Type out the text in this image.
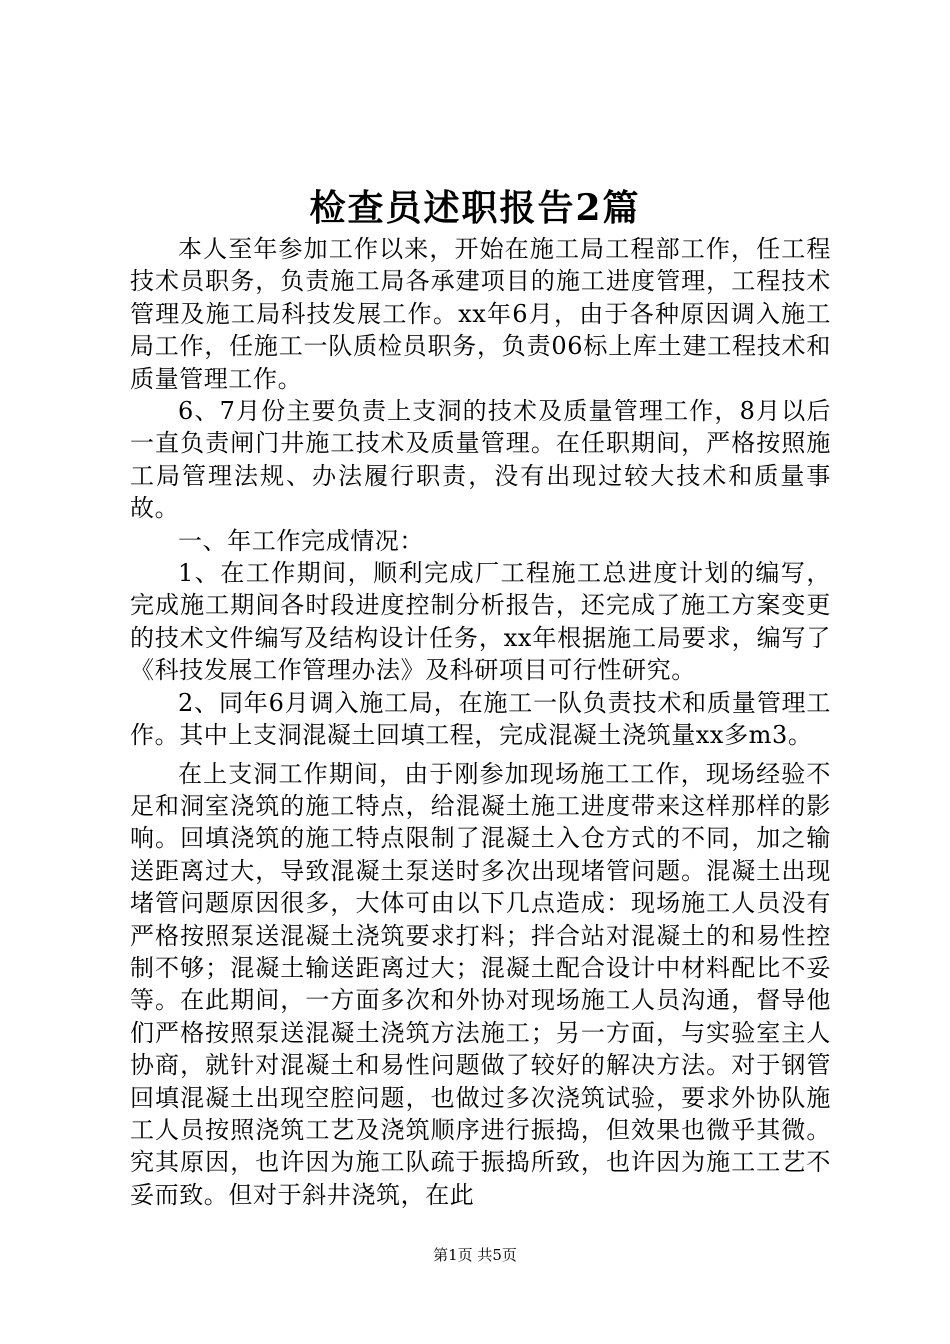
检查员述职报告2篇

本人至年参加工作以来，开始在施工局工程部工作，任工程技术员职务，负责施工局各承建项目的施工进度管理，工程技术管理及施工局科技发展工作。xx年6月，由于各种原因调入施工局工作，任施工一队质检员职务，负责06标上库土建工程技术和质量管理工作。

6、7月份主要负责上支洞的技术及质量管理工作，8月以后一直负责闸门井施工技术及质量管理。在任职期间，严格按照施工局管理法规、办法履行职责，没有出现过较大技术和质量事故。

一、年工作完成情况：

1、在工作期间，顺利完成厂工程施工总进度计划的编写，完成施工期间各时段进度控制分析报告，还完成了施工方案变更的技术文件编写及结构设计任务，xx年根据施工局要求，编写了《科技发展工作管理办法》及科研项目可行性研究。

2、同年6月调入施工局，在施工一队负责技术和质量管理工作。其中上支洞混凝土回填工程，完成混凝土浇筑量xx多m3。

在上支洞工作期间，由于刚参加现场施工工作，现场经验不足和洞室浇筑的施工特点，给混凝土施工进度带来这样那样的影响。回填浇筑的施工特点限制了混凝土入仓方式的不同，加之输送距离过大，导致混凝土泵送时多次出现堵管问题。混凝土出现堵管问题原因很多，大体可由以下几点造成：现场施工人员没有严格按照泵送混凝土浇筑要求打料；拌合站对混凝土的和易性控制不够；混凝土输送距离过大；混凝土配合设计中材料配比不妥等。在此期间，一方面多次和外协对现场施工人员沟通，督导他们严格按照泵送混凝土浇筑方法施工；另一方面，与实验室主人协商，就针对混凝土和易性问题做了较好的解决方法。对于钢管回填混凝土出现空腔问题，也做过多次浇筑试验，要求外协队施工人员按照浇筑工艺及浇筑顺序进行振捣，但效果也微乎其微。究其原因，也许因为施工队疏于振捣所致，也许因为施工工艺不妥而致。但对于斜井浇筑，在此

第1页 共5页
